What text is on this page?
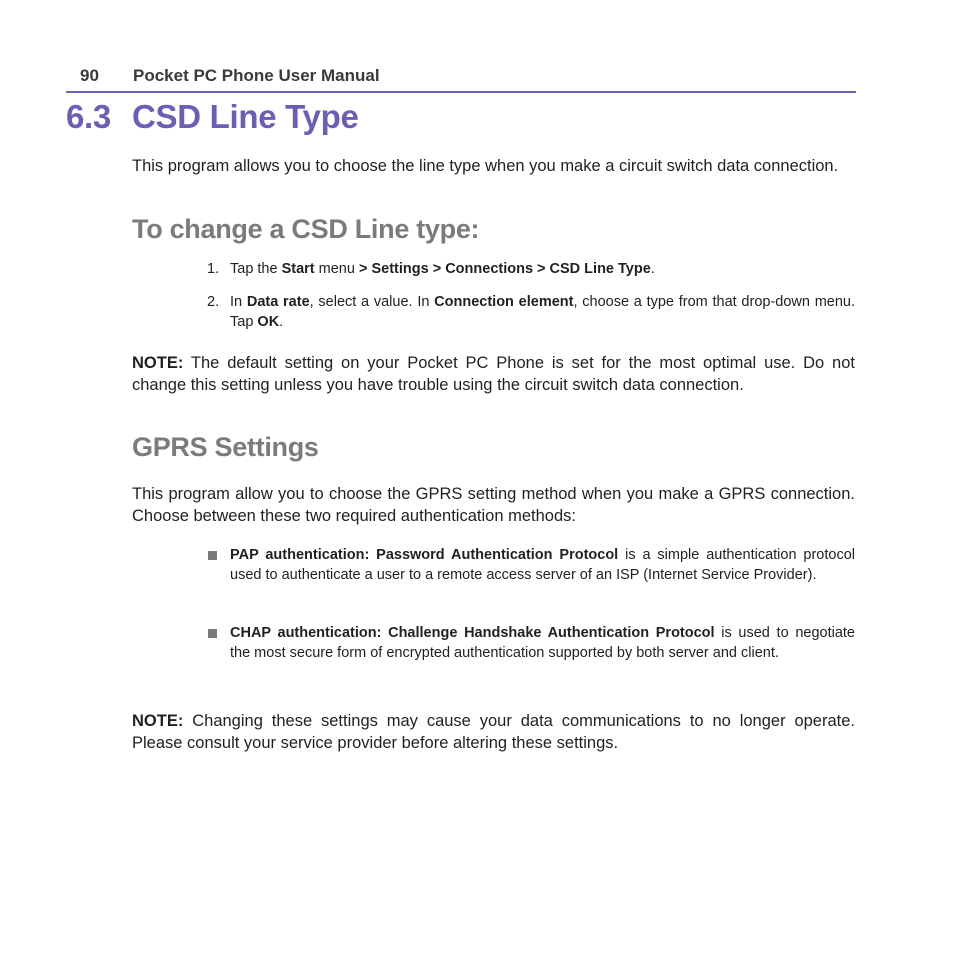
90 Pocket PC Phone User Manual
6.3 CSD Line Type
This program allows you to choose the line type when you make a circuit switch data connection.
To change a CSD Line type:
1. Tap the Start menu > Settings > Connections > CSD Line Type.
2. In Data rate, select a value. In Connection element, choose a type from that drop-down menu. Tap OK.
NOTE: The default setting on your Pocket PC Phone is set for the most optimal use. Do not change this setting unless you have trouble using the circuit switch data connection.
GPRS Settings
This program allow you to choose the GPRS setting method when you make a GPRS connection. Choose between these two required authentication methods:
PAP authentication: Password Authentication Protocol is a simple authentication protocol used to authenticate a user to a remote access server of an ISP (Internet Service Provider).
CHAP authentication: Challenge Handshake Authentication Protocol is used to negotiate the most secure form of encrypted authentication supported by both server and client.
NOTE: Changing these settings may cause your data communications to no longer operate. Please consult your service provider before altering these settings.
